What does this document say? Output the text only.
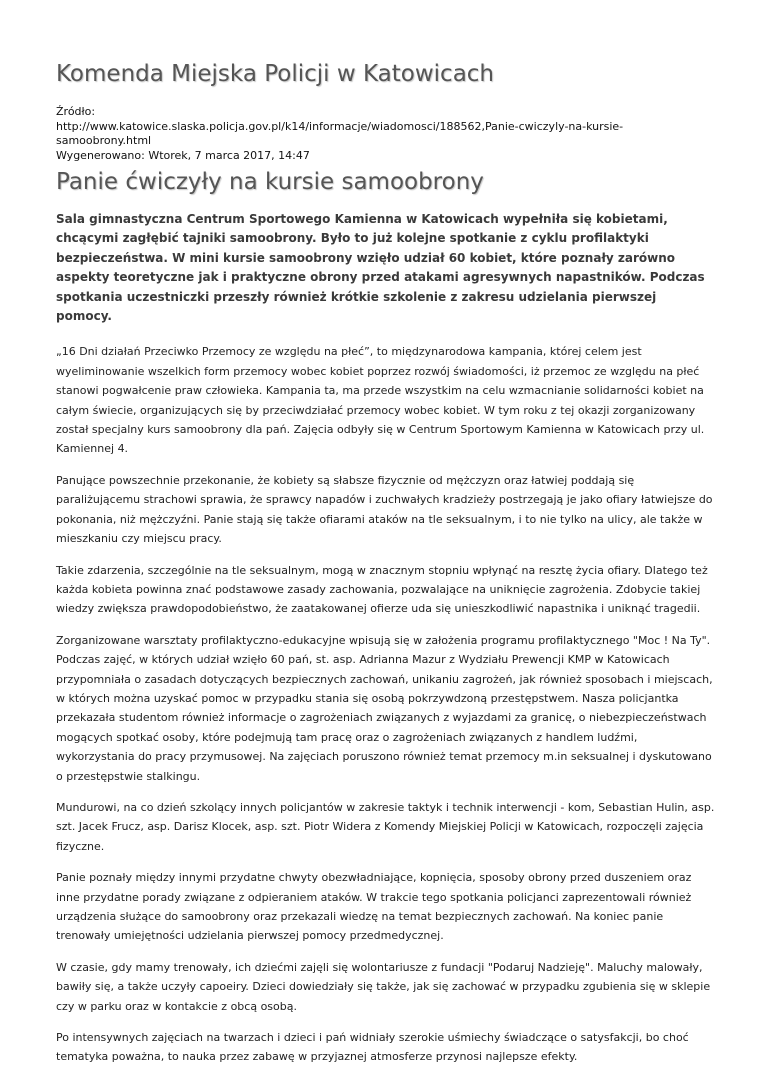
Komenda Miejska Policji w Katowicach
Źródło:
http://www.katowice.slaska.policja.gov.pl/k14/informacje/wiadomosci/188562,Panie-cwiczyly-na-kursie-samoobrony.html
Wygenerowano: Wtorek, 7 marca 2017, 14:47
Panie ćwiczyły na kursie samoobrony

Sala gimnastyczna Centrum Sportowego Kamienna w Katowicach wypełniła się kobietami, chcącymi zagłębić tajniki samoobrony. Było to już kolejne spotkanie z cyklu profilaktyki bezpieczeństwa. W mini kursie samoobrony wzięło udział 60 kobiet, które poznały zarówno aspekty teoretyczne jak i praktyczne obrony przed atakami agresywnych napastników. Podczas spotkania uczestniczki przeszły również krótkie szkolenie z zakresu udzielania pierwszej pomocy.

„16 Dni działań Przeciwko Przemocy ze względu na płeć”, to międzynarodowa kampania, której celem jest wyeliminowanie wszelkich form przemocy wobec kobiet poprzez rozwój świadomości, iż przemoc ze względu na płeć stanowi pogwałcenie praw człowieka. Kampania ta, ma przede wszystkim na celu wzmacnianie solidarności kobiet na całym świecie, organizujących się by przeciwdziałać przemocy wobec kobiet. W tym roku z tej okazji zorganizowany został specjalny kurs samoobrony dla pań. Zajęcia odbyły się w Centrum Sportowym Kamienna w Katowicach przy ul. Kamiennej 4.

Panujące powszechnie przekonanie, że kobiety są słabsze fizycznie od mężczyzn oraz łatwiej poddają się paraliżującemu strachowi sprawia, że sprawcy napadów i zuchwałych kradzieży postrzegają je jako ofiary łatwiejsze do pokonania, niż mężczyźni. Panie stają się także ofiarami ataków na tle seksualnym, i to nie tylko na ulicy, ale także w mieszkaniu czy miejscu pracy.

Takie zdarzenia, szczególnie na tle seksualnym, mogą w znacznym stopniu wpłynąć na resztę życia ofiary. Dlatego też każda kobieta powinna znać podstawowe zasady zachowania, pozwalające na uniknięcie zagrożenia. Zdobycie takiej wiedzy zwiększa prawdopodobieństwo, że zaatakowanej ofierze uda się unieszkodliwić napastnika i uniknąć tragedii.

Zorganizowane warsztaty profilaktyczno-edukacyjne wpisują się w założenia programu profilaktycznego "Moc ! Na Ty". Podczas zajęć, w których udział wzięło 60 pań, st. asp. Adrianna Mazur z Wydziału Prewencji KMP w Katowicach przypomniała o zasadach dotyczących bezpiecznych zachowań, unikaniu zagrożeń, jak również sposobach i miejscach, w których można uzyskać pomoc w przypadku stania się osobą pokrzywdzoną przestępstwem. Nasza policjantka przekazała studentom również informacje o zagrożeniach związanych z wyjazdami za granicę, o niebezpieczeństwach mogących spotkać osoby, które podejmują tam pracę oraz o zagrożeniach związanych z handlem ludźmi, wykorzystania do pracy przymusowej. Na zajęciach poruszono również temat przemocy m.in seksualnej i dyskutowano o przestępstwie stalkingu.

Mundurowi, na co dzień szkolący innych policjantów w zakresie taktyk i technik interwencji - kom, Sebastian Hulin, asp. szt. Jacek Frucz, asp. Darisz Klocek, asp. szt. Piotr Widera z Komendy Miejskiej Policji w Katowicach, rozpoczęli zajęcia fizyczne.

Panie poznały między innymi przydatne chwyty obezwładniające, kopnięcia, sposoby obrony przed duszeniem oraz inne przydatne porady związane z odpieraniem ataków. W trakcie tego spotkania policjanci zaprezentowali również urządzenia służące do samoobrony oraz przekazali wiedzę na temat bezpiecznych zachowań. Na koniec panie trenowały umiejętności udzielania pierwszej pomocy przedmedycznej.

W czasie, gdy mamy trenowały, ich dziećmi zajęli się wolontariusze z fundacji "Podaruj Nadzieję". Maluchy malowały, bawiły się, a także uczyły capoeiry. Dzieci dowiedziały się także, jak się zachować w przypadku zgubienia się w sklepie czy w parku oraz w kontakcie z obcą osobą.

Po intensywnych zajęciach na twarzach i dzieci i pań widniały szerokie uśmiechy świadczące o satysfakcji, bo choć tematyka poważna, to nauka przez zabawę w przyjaznej atmosferze przynosi najlepsze efekty.
